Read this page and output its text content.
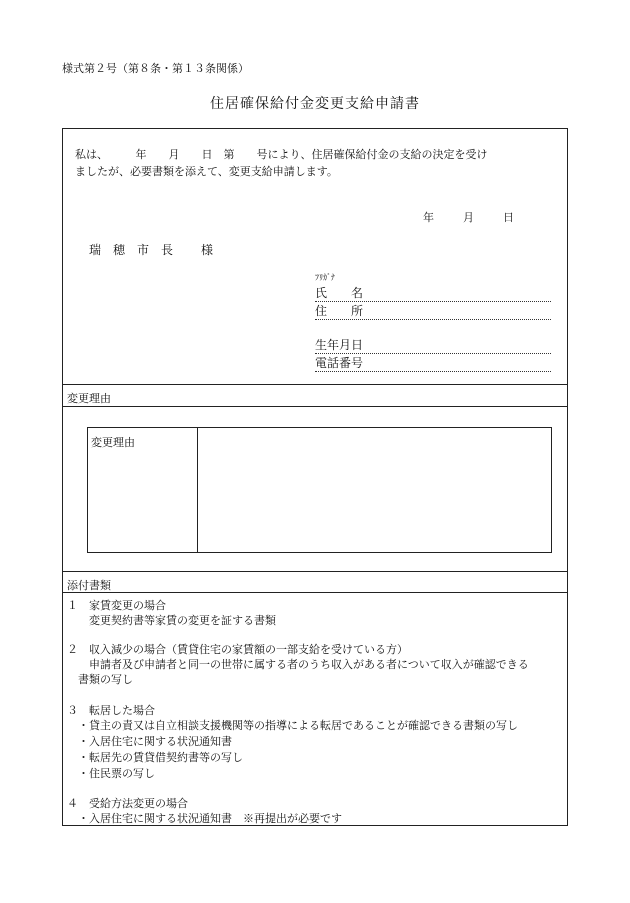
様式第２号（第８条・第１３条関係）
住居確保給付金変更支給申請書
私は、　　　年　　月　　日　第　　号により、住居確保給付金の支給の決定を受け
ましたが、必要書類を添えて、変更支給申請します。
年	月	日
瑞 穂 市 長 様
ﾌﾘｶﾞﾅ
氏　　名
住　　所
生年月日
電話番号
変更理由
変更理由
添付書類
１　家賃変更の場合
　　変更契約書等家賃の変更を証する書類
２　収入減少の場合（賃貸住宅の家賃額の一部支給を受けている方）
　　申請者及び申請者と同一の世帯に属する者のうち収入がある者について収入が確認できる
　書類の写し
３　転居した場合
　・貸主の責又は自立相談支援機関等の指導による転居であることが確認できる書類の写し
　・入居住宅に関する状況通知書
　・転居先の賃貸借契約書等の写し
　・住民票の写し
４　受給方法変更の場合
　・入居住宅に関する状況通知書　※再提出が必要です
